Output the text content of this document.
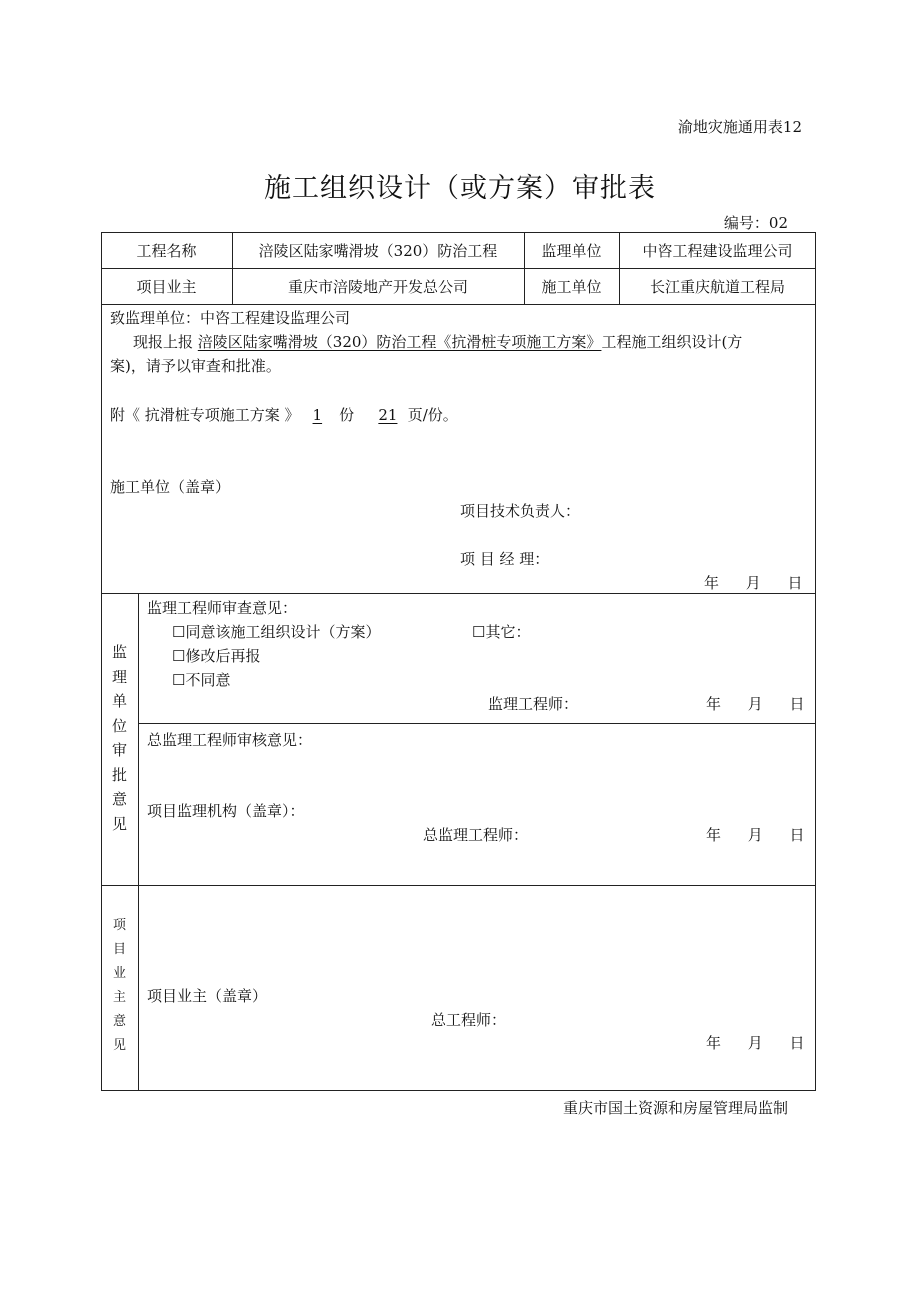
渝地灾施通用表12
施工组织设计（或方案）审批表
编号：02
工程名称	涪陵区陆家嘴滑坡（320）防治工程	监理单位	中咨工程建设监理公司
项目业主	重庆市涪陵地产开发总公司	施工单位	长江重庆航道工程局
致监理单位：中咨工程建设监理公司
现报上报 涪陵区陆家嘴滑坡（320）防治工程《抗滑桩专项施工方案》工程施工组织设计(方
案)，请予以审查和批准。
附《 抗滑桩专项施工方案 》 1 份 21 页/份。
施工单位（盖章）
项目技术负责人：
项 目 经 理：
年 月 日
监
理
单
位
审
批
意
见
监理工程师审查意见：
☐同意该施工组织设计（方案）	☐其它：
☐修改后再报
☐不同意
监理工程师：	年 月 日
总监理工程师审核意见：
项目监理机构（盖章）：
总监理工程师：	年 月 日
项
目
业
主
意
见
项目业主（盖章）
总工程师：
年 月 日
重庆市国土资源和房屋管理局监制
